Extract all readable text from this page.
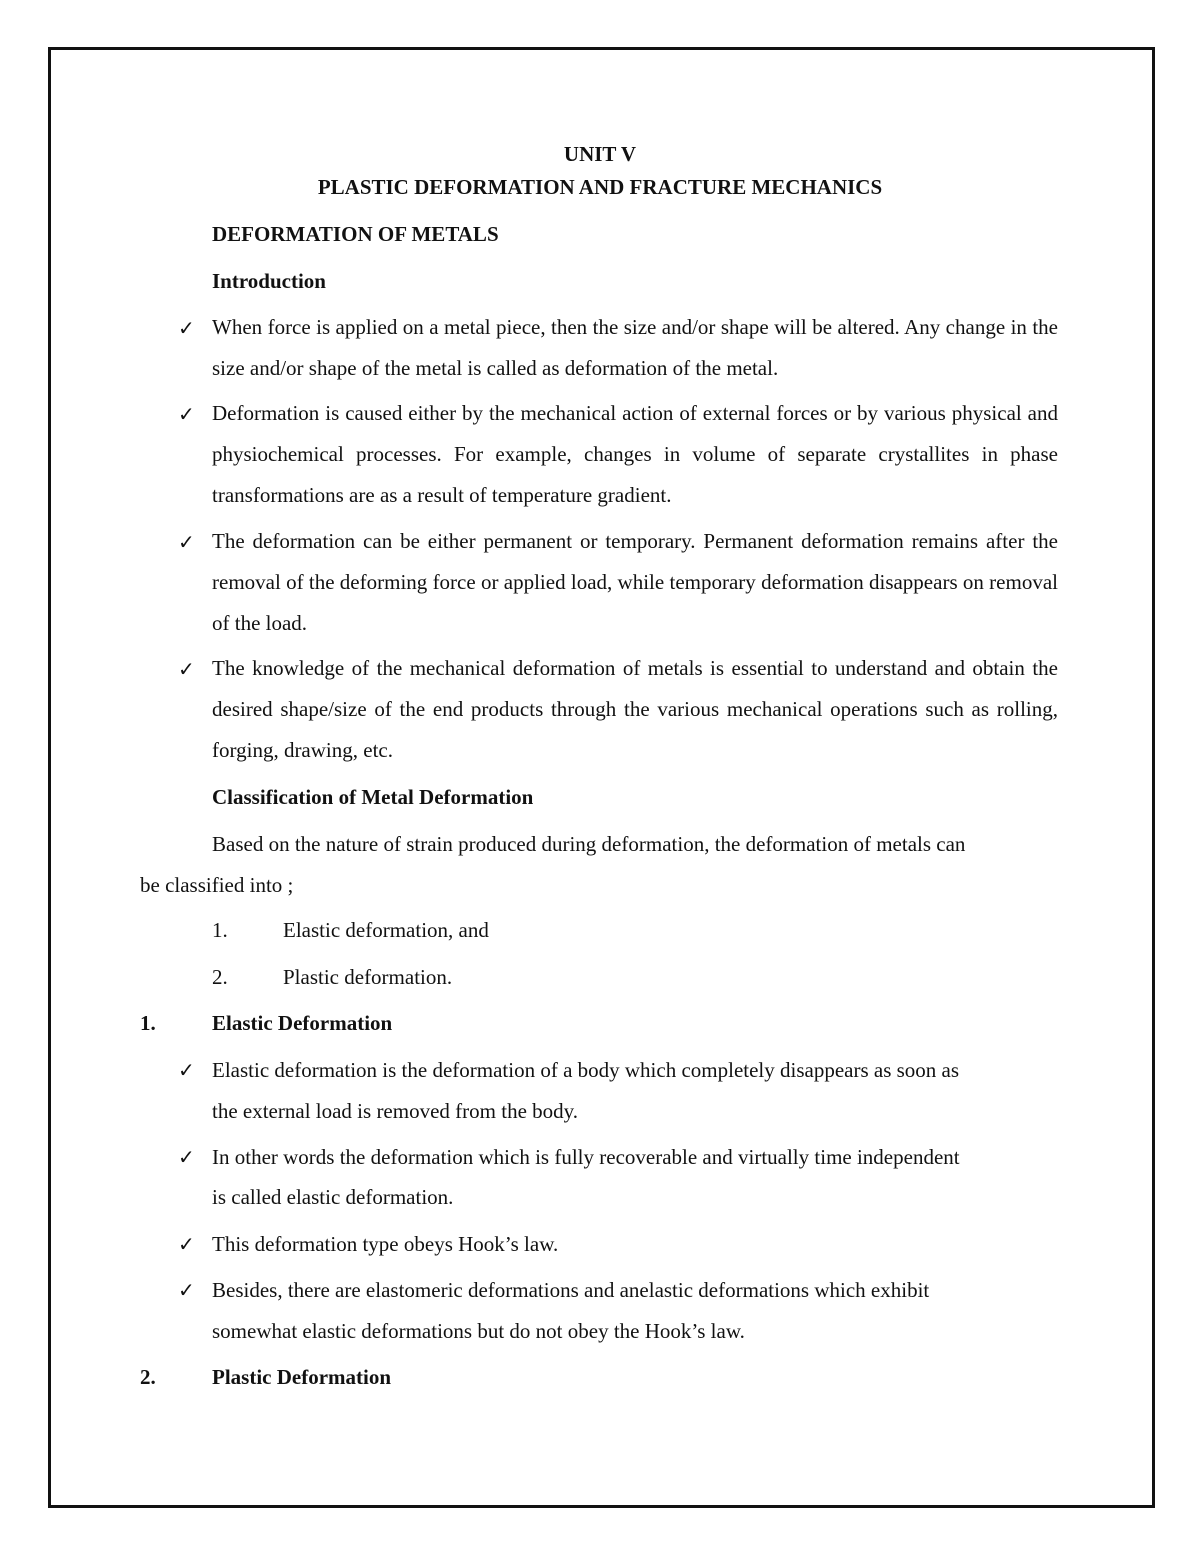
UNIT V

PLASTIC DEFORMATION AND FRACTURE MECHANICS

DEFORMATION OF METALS

Introduction

✓ When force is applied on a metal piece, then the size and/or shape will be altered. Any change in the size and/or shape of the metal is called as deformation of the metal.

✓ Deformation is caused either by the mechanical action of external forces or by various physical and physiochemical processes. For example, changes in volume of separate crystallites in phase transformations are as a result of temperature gradient.

✓ The deformation can be either permanent or temporary. Permanent deformation remains after the removal of the deforming force or applied load, while temporary deformation disappears on removal of the load.

✓ The knowledge of the mechanical deformation of metals is essential to understand and obtain the desired shape/size of the end products through the various mechanical operations such as rolling, forging, drawing, etc.

Classification of Metal Deformation

Based on the nature of strain produced during deformation, the deformation of metals can

be classified into ;

1.	Elastic deformation, and

2.	Plastic deformation.

1.	Elastic Deformation

✓ Elastic deformation is the deformation of a body which completely disappears as soon as

the external load is removed from the body.

✓ In other words the deformation which is fully recoverable and virtually time independent

is called elastic deformation.

✓ This deformation type obeys Hook’s law.

✓ Besides, there are elastomeric deformations and anelastic deformations which exhibit

somewhat elastic deformations but do not obey the Hook’s law.

2.	Plastic Deformation
